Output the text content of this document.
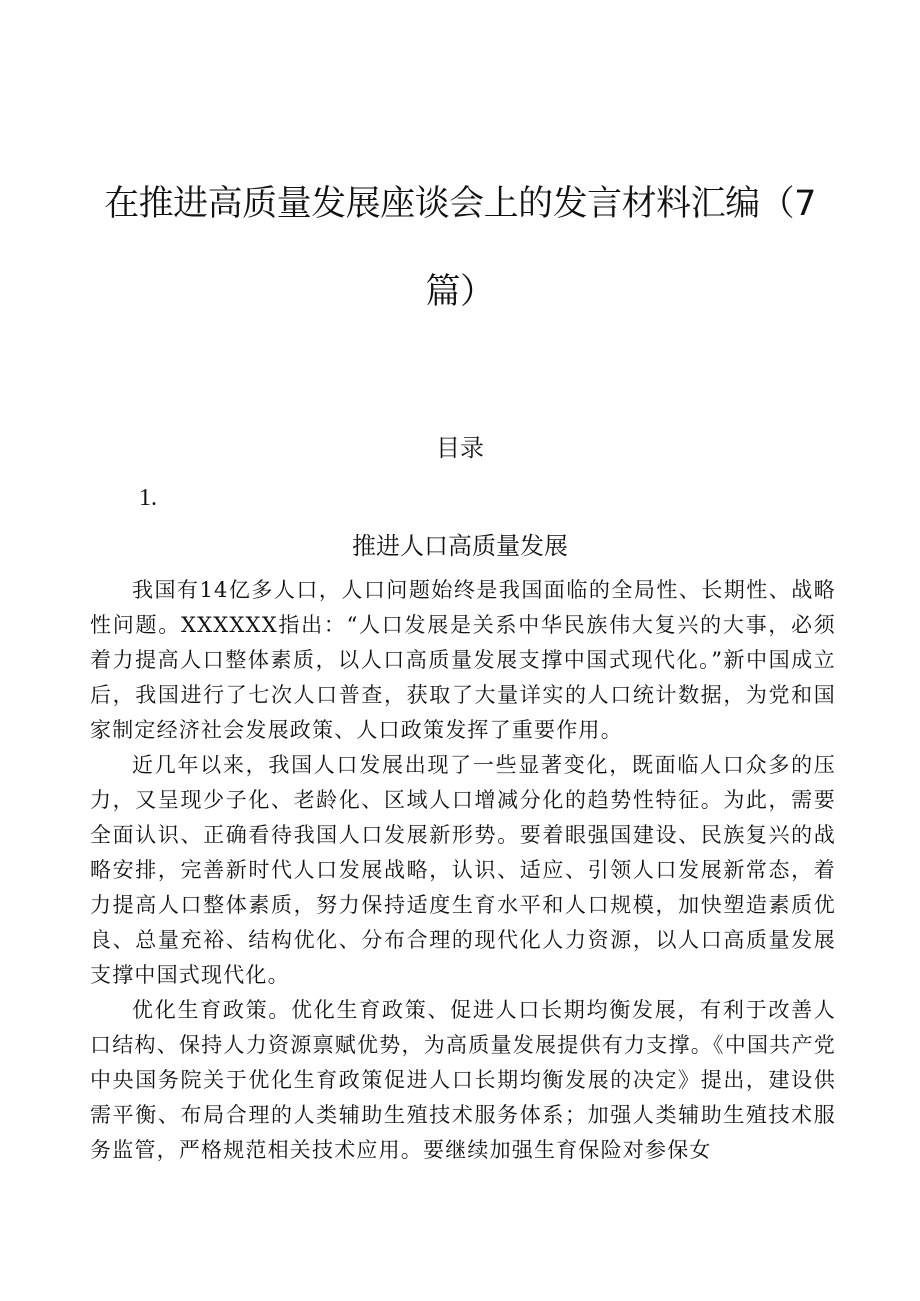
在推进高质量发展座谈会上的发言材料汇编（7篇）
目录
1.
推进人口高质量发展

我国有14亿多人口，人口问题始终是我国面临的全局性、长期性、战略性问题。XXXXXX指出：“人口发展是关系中华民族伟大复兴的大事，必须着力提高人口整体素质，以人口高质量发展支撑中国式现代化。”新中国成立后，我国进行了七次人口普查，获取了大量详实的人口统计数据，为党和国家制定经济社会发展政策、人口政策发挥了重要作用。

近几年以来，我国人口发展出现了一些显著变化，既面临人口众多的压力，又呈现少子化、老龄化、区域人口增减分化的趋势性特征。为此，需要全面认识、正确看待我国人口发展新形势。要着眼强国建设、民族复兴的战略安排，完善新时代人口发展战略，认识、适应、引领人口发展新常态，着力提高人口整体素质，努力保持适度生育水平和人口规模，加快塑造素质优良、总量充裕、结构优化、分布合理的现代化人力资源，以人口高质量发展支撑中国式现代化。

优化生育政策。优化生育政策、促进人口长期均衡发展，有利于改善人口结构、保持人力资源禀赋优势，为高质量发展提供有力支撑。《中国共产党中央国务院关于优化生育政策促进人口长期均衡发展的决定》提出，建设供需平衡、布局合理的人类辅助生殖技术服务体系；加强人类辅助生殖技术服务监管，严格规范相关技术应用。要继续加强生育保险对参保女
